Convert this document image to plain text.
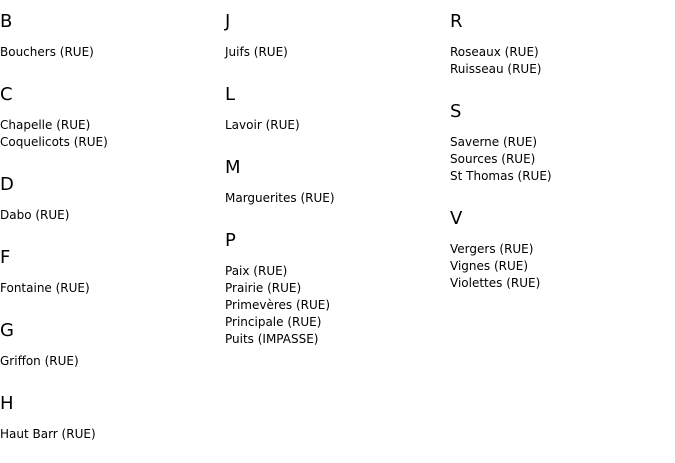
B
Bouchers (RUE)
C
Chapelle (RUE)
Coquelicots (RUE)
D
Dabo (RUE)
F
Fontaine (RUE)
G
Griffon (RUE)
H
Haut Barr (RUE)
J
Juifs (RUE)
L
Lavoir (RUE)
M
Marguerites (RUE)
P
Paix (RUE)
Prairie (RUE)
Primevères (RUE)
Principale (RUE)
Puits (IMPASSE)
R
Roseaux (RUE)
Ruisseau (RUE)
S
Saverne (RUE)
Sources (RUE)
St Thomas (RUE)
V
Vergers (RUE)
Vignes (RUE)
Violettes (RUE)
